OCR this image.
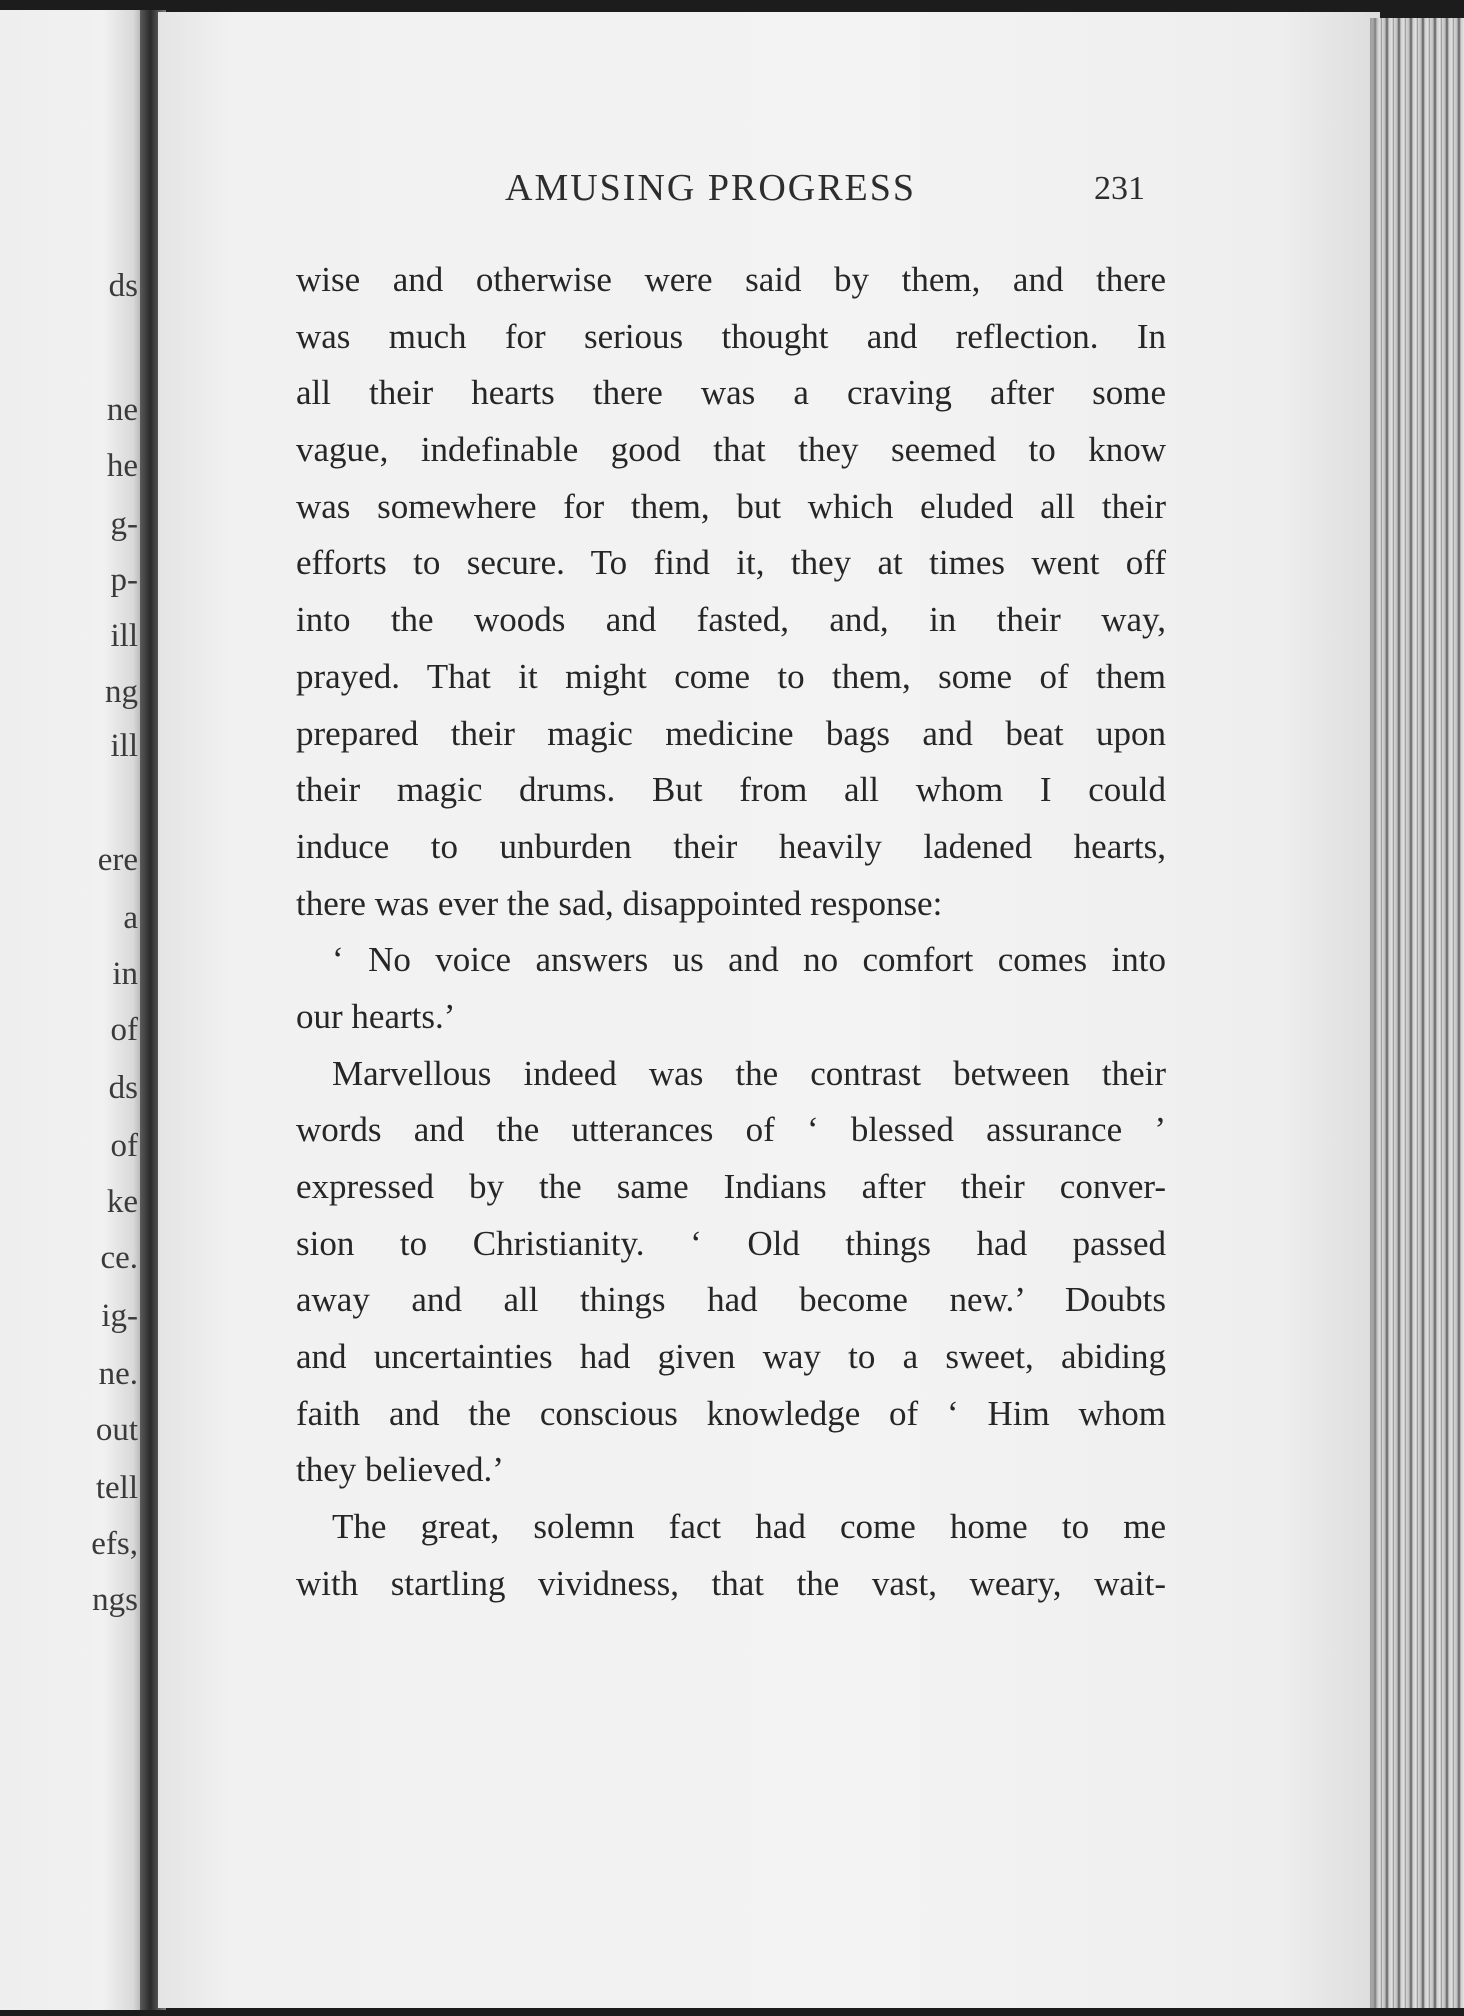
ds
ne
he
g-
p-
ill
ng
ill
ere
a
in
of
ds
of
ke
ce.
ig-
ne.
out
tell
efs,
ngs
AMUSING PROGRESS	231
wise and otherwise were said by them, and there
was much for serious thought and reflection. In
all their hearts there was a craving after some
vague, indefinable good that they seemed to know
was somewhere for them, but which eluded all their
efforts to secure. To find it, they at times went off
into the woods and fasted, and, in their way,
prayed. That it might come to them, some of them
prepared their magic medicine bags and beat upon
their magic drums. But from all whom I could
induce to unburden their heavily ladened hearts,
there was ever the sad, disappointed response:
‘ No voice answers us and no comfort comes into
our hearts.’
Marvellous indeed was the contrast between their
words and the utterances of ‘ blessed assurance ’
expressed by the same Indians after their conver-
sion to Christianity. ‘ Old things had passed
away and all things had become new.’ Doubts
and uncertainties had given way to a sweet, abiding
faith and the conscious knowledge of ‘ Him whom
they believed.’
The great, solemn fact had come home to me
with startling vividness, that the vast, weary, wait-
